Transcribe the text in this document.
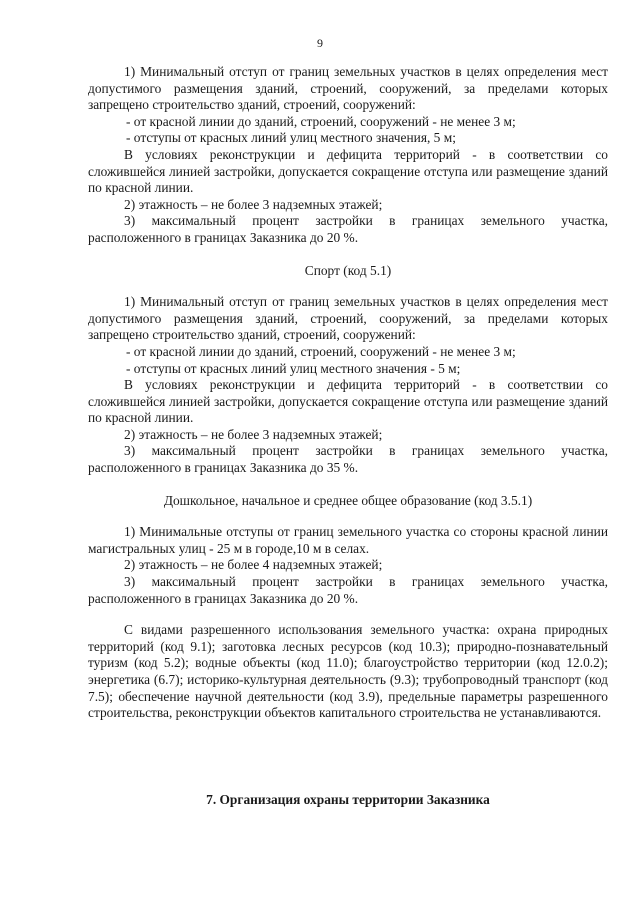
9

1) Минимальный отступ от границ земельных участков в целях определения мест допустимого размещения зданий, строений, сооружений, за пределами которых запрещено строительство зданий, строений, сооружений:

- от красной линии до зданий, строений, сооружений - не менее 3 м;

- отступы от красных линий улиц местного значения, 5 м;

В условиях реконструкции и дефицита территорий - в соответствии со сложившейся линией застройки, допускается сокращение отступа или размещение зданий по красной линии.

2) этажность – не более 3 надземных этажей;

3) максимальный процент застройки в границах земельного участка, расположенного в границах Заказника до 20 %.

Спорт (код 5.1)

1) Минимальный отступ от границ земельных участков в целях определения мест допустимого размещения зданий, строений, сооружений, за пределами которых запрещено строительство зданий, строений, сооружений:

- от красной линии до зданий, строений, сооружений - не менее 3 м;

- отступы от красных линий улиц местного значения - 5 м;

В условиях реконструкции и дефицита территорий - в соответствии со сложившейся линией застройки, допускается сокращение отступа или размещение зданий по красной линии.

2) этажность – не более 3 надземных этажей;

3) максимальный процент застройки в границах земельного участка, расположенного в границах Заказника до 35 %.

Дошкольное, начальное и среднее общее образование (код 3.5.1)

1) Минимальные отступы от границ земельного участка со стороны красной линии магистральных улиц - 25 м в городе,10 м в селах.

2) этажность – не более 4 надземных этажей;

3) максимальный процент застройки в границах земельного участка, расположенного в границах Заказника до 20 %.

С видами разрешенного использования земельного участка: охрана природных территорий (код 9.1); заготовка лесных ресурсов (код 10.3); природно-познавательный туризм (код 5.2); водные объекты (код 11.0); благоустройство территории (код 12.0.2); энергетика (6.7); историко-культурная деятельность (9.3); трубопроводный транспорт (код 7.5); обеспечение научной деятельности (код 3.9), предельные параметры разрешенного строительства, реконструкции объектов капитального строительства не устанавливаются.

7. Организация охраны территории Заказника
